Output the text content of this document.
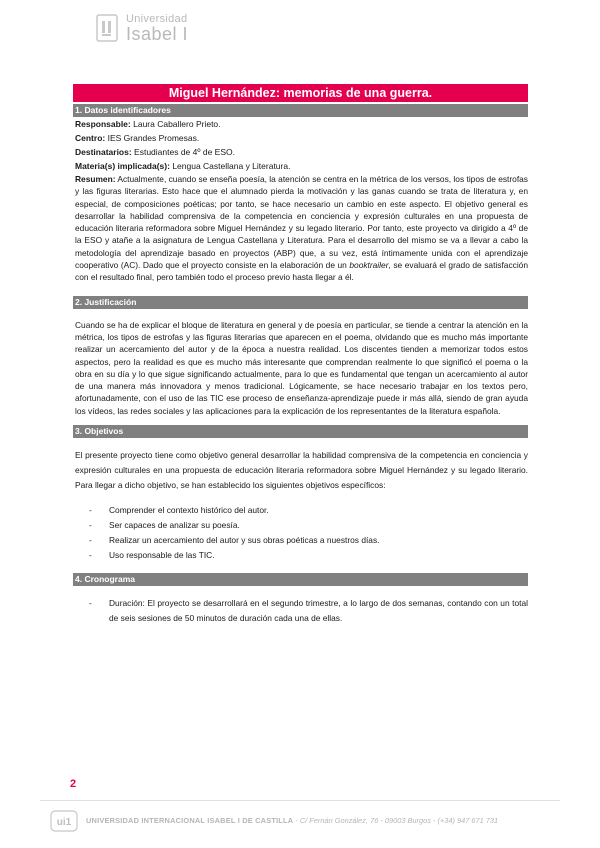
Universidad
Isabel I
Miguel Hernández: memorias de una guerra.
1. Datos identificadores
Responsable: Laura Caballero Prieto.
Centro: IES Grandes Promesas.
Destinatarios: Estudiantes de 4º de ESO.
Materia(s) implicada(s): Lengua Castellana y Literatura.

Resumen: Actualmente, cuando se enseña poesía, la atención se centra en la métrica de los versos, los tipos de estrofas y las figuras literarias. Esto hace que el alumnado pierda la motivación y las ganas cuando se trata de literatura y, en especial, de composiciones poéticas; por tanto, se hace necesario un cambio en este aspecto. El objetivo general es desarrollar la habilidad comprensiva de la competencia en conciencia y expresión culturales en una propuesta de educación literaria reformadora sobre Miguel Hernández y su legado literario. Por tanto, este proyecto va dirigido a 4º de la ESO y atañe a la asignatura de Lengua Castellana y Literatura. Para el desarrollo del mismo se va a llevar a cabo la metodología del aprendizaje basado en proyectos (ABP) que, a su vez, está íntimamente unida con el aprendizaje cooperativo (AC). Dado que el proyecto consiste en la elaboración de un booktrailer, se evaluará el grado de satisfacción con el resultado final, pero también todo el proceso previo hasta llegar a él.

2. Justificación

Cuando se ha de explicar el bloque de literatura en general y de poesía en particular, se tiende a centrar la atención en la métrica, los tipos de estrofas y las figuras literarias que aparecen en el poema, olvidando que es mucho más importante realizar un acercamiento del autor y de la época a nuestra realidad. Los discentes tienden a memorizar todos estos aspectos, pero la realidad es que es mucho más interesante que comprendan realmente lo que significó el poema o la obra en su día y lo que sigue significando actualmente, para lo que es fundamental que tengan un acercamiento al autor de una manera más innovadora y menos tradicional. Lógicamente, se hace necesario trabajar en los textos pero, afortunadamente, con el uso de las TIC ese proceso de enseñanza-aprendizaje puede ir más allá, siendo de gran ayuda los vídeos, las redes sociales y las aplicaciones para la explicación de los representantes de la literatura española.

3. Objetivos

El presente proyecto tiene como objetivo general desarrollar la habilidad comprensiva de la competencia en conciencia y expresión culturales en una propuesta de educación literaria reformadora sobre Miguel Hernández y su legado literario. Para llegar a dicho objetivo, se han establecido los siguientes objetivos específicos:

- Comprender el contexto histórico del autor.
- Ser capaces de analizar su poesía.
- Realizar un acercamiento del autor y sus obras poéticas a nuestros días.
- Uso responsable de las TIC.
4. Cronograma
- Duración: El proyecto se desarrollará en el segundo trimestre, a lo largo de dos semanas, contando con un total de seis sesiones de 50 minutos de duración cada una de ellas.
2
ui1 UNIVERSIDAD INTERNACIONAL ISABEL I DE CASTILLA - C/ Fernán González, 76 - 09003 Burgos - (+34) 947 671 731
